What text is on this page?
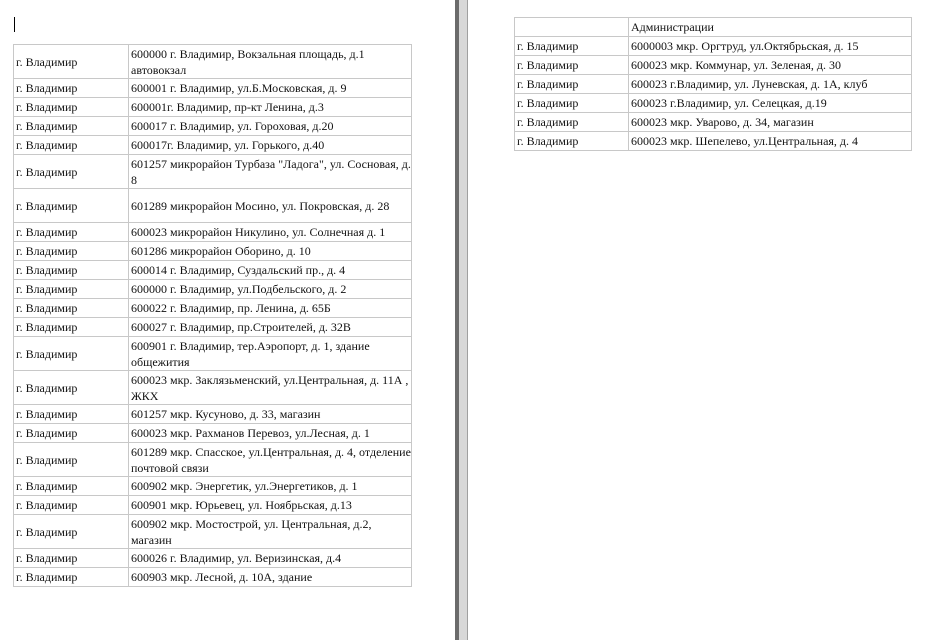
г. Владимир	600000 г. Владимир, Вокзальная площадь, д.1 автовокзал
г. Владимир	600001 г. Владимир, ул.Б.Московская, д. 9
г. Владимир	600001г. Владимир, пр-кт Ленина, д.3
г. Владимир	600017 г. Владимир, ул. Гороховая, д.20
г. Владимир	600017г. Владимир, ул. Горького, д.40
г. Владимир	601257 микрорайон Турбаза "Ладога", ул. Сосновая, д. 8
г. Владимир	601289 микрорайон Мосино, ул. Покровская, д. 28
г. Владимир	600023 микрорайон Никулино, ул. Солнечная д. 1
г. Владимир	601286 микрорайон Оборино, д. 10
г. Владимир	600014 г. Владимир, Суздальский пр., д. 4
г. Владимир	600000 г. Владимир, ул.Подбельского, д. 2
г. Владимир	600022 г. Владимир, пр. Ленина, д. 65Б
г. Владимир	600027 г. Владимир, пр.Строителей, д. 32В
г. Владимир	600901 г. Владимир, тер.Аэропорт, д. 1, здание общежития
г. Владимир	600023 мкр. Заклязьменский, ул.Центральная, д. 11А , ЖКХ
г. Владимир	601257 мкр. Кусуново, д. 33, магазин
г. Владимир	600023 мкр. Рахманов Перевоз, ул.Лесная, д. 1
г. Владимир	601289 мкр. Спасское, ул.Центральная, д. 4, отделение почтовой связи
г. Владимир	600902 мкр. Энергетик, ул.Энергетиков, д. 1
г. Владимир	600901 мкр. Юрьевец, ул. Ноябрьская, д.13
г. Владимир	600902 мкр. Мостострой, ул. Центральная, д.2, магазин
г. Владимир	600026 г. Владимир, ул. Веризинская, д.4
г. Владимир	600903 мкр. Лесной, д. 10А, здание
	Администрации
г. Владимир	6000003 мкр. Оргтруд, ул.Октябрьская, д. 15
г. Владимир	600023 мкр. Коммунар, ул. Зеленая, д. 30
г. Владимир	600023 г.Владимир, ул. Луневская, д. 1А, клуб
г. Владимир	600023 г.Владимир, ул. Селецкая, д.19
г. Владимир	600023 мкр. Уварово, д. 34, магазин
г. Владимир	600023 мкр. Шепелево, ул.Центральная, д. 4
